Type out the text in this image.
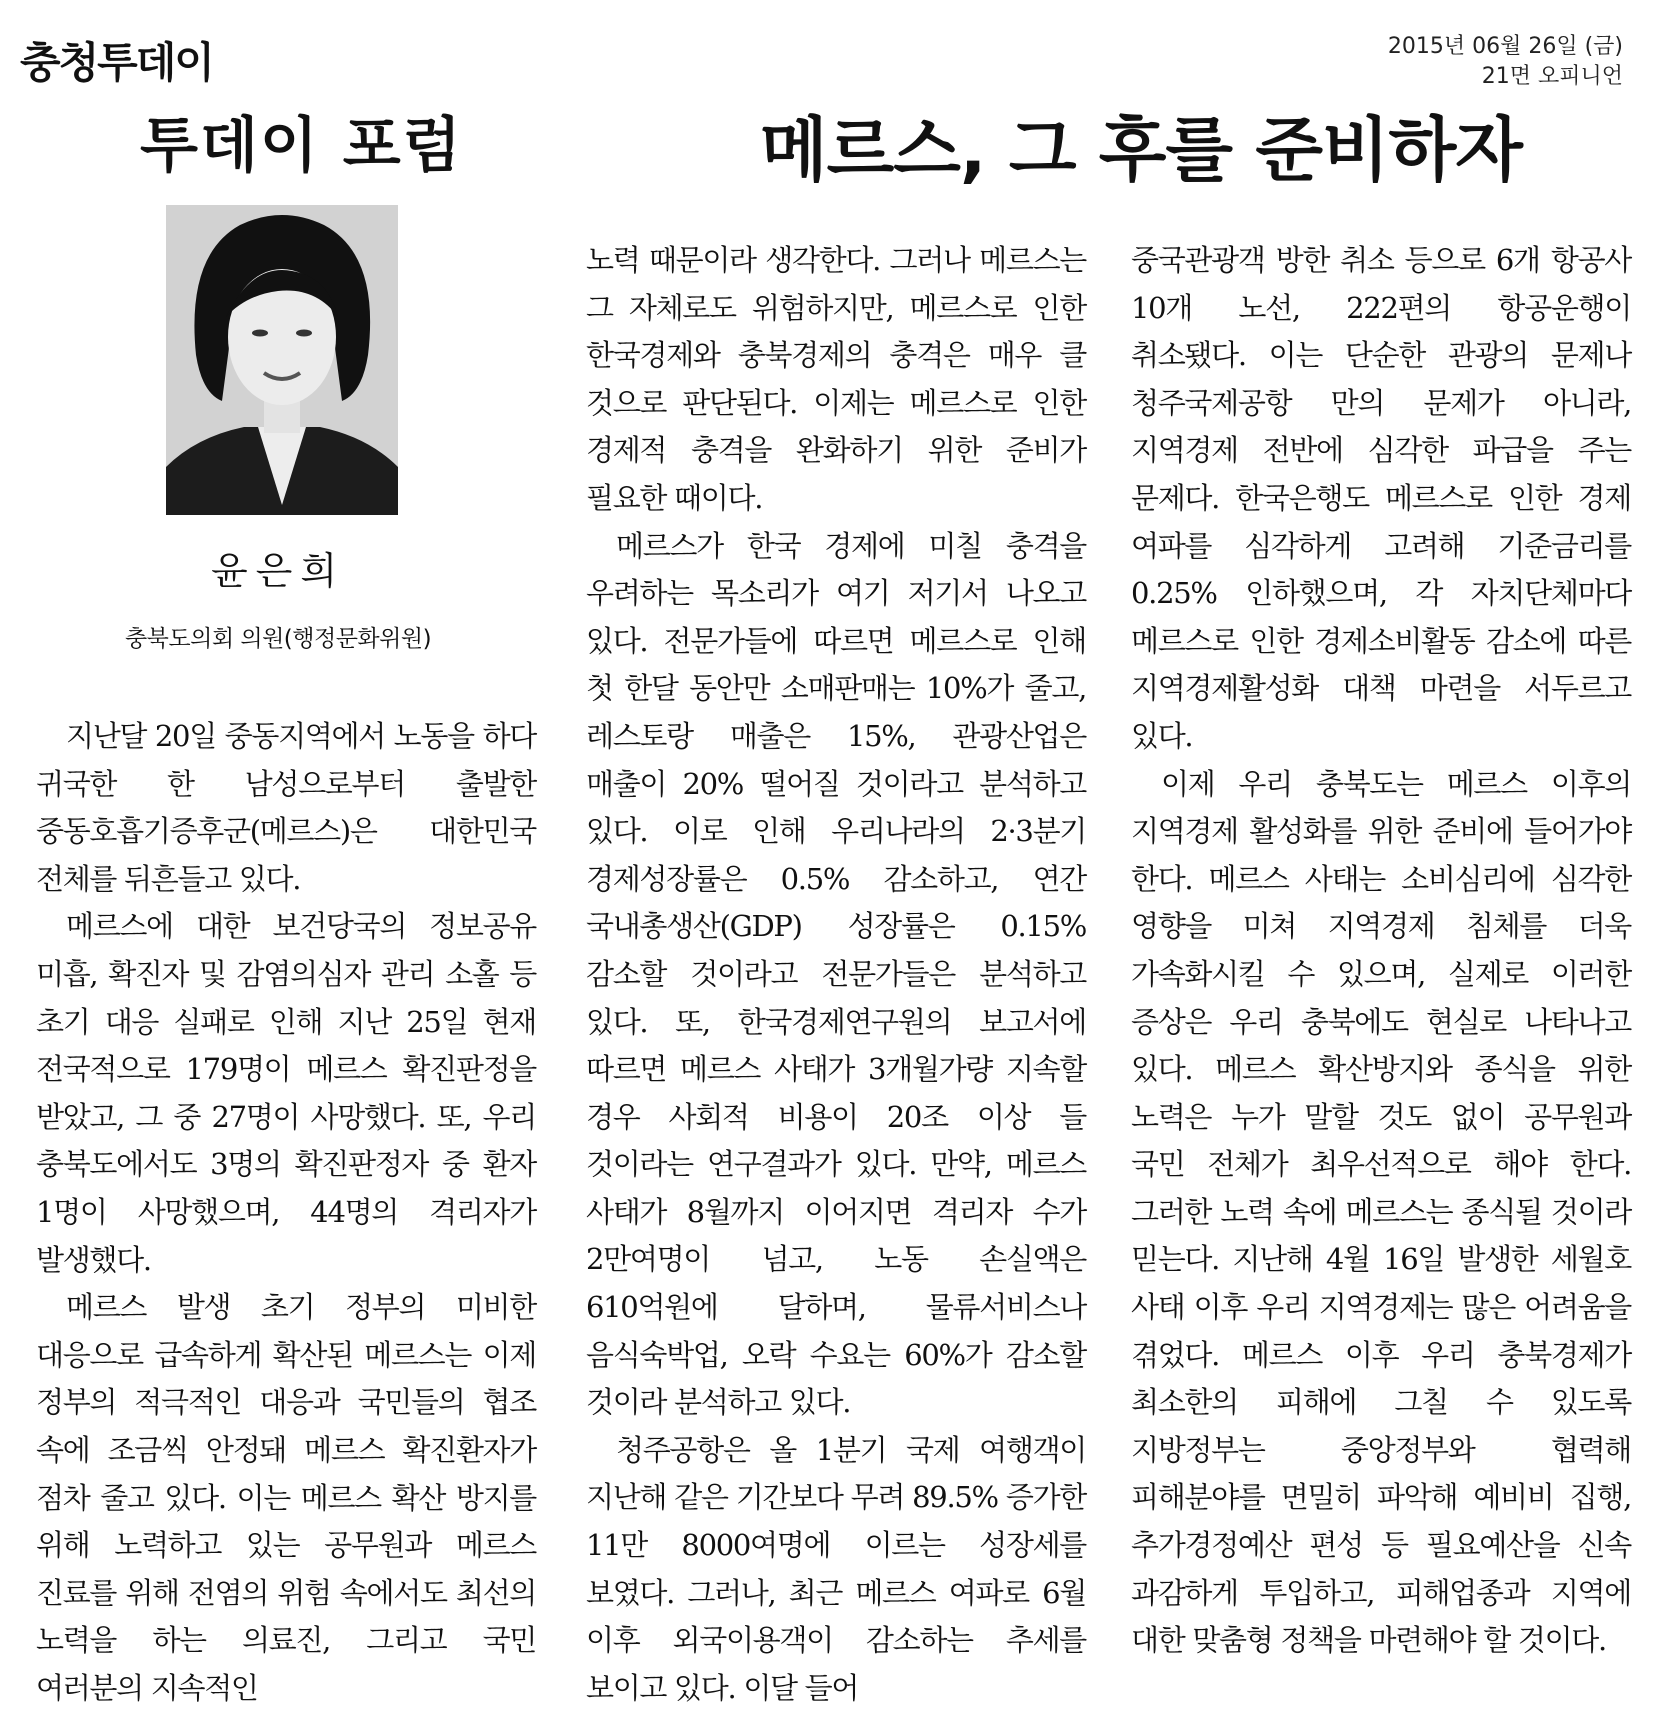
충청투데이	2015년 06월 26일 (금)
21면 오피니언
투데이 포럼	메르스, 그 후를 준비하자
윤은희
충북도의회 의원(행정문화위원)

지난달 20일 중동지역에서 노동을 하다 귀국한 한 남성으로부터 출발한 중동호흡기증후군(메르스)은 대한민국 전체를 뒤흔들고 있다.

메르스에 대한 보건당국의 정보공유 미흡, 확진자 및 감염의심자 관리 소홀 등 초기 대응 실패로 인해 지난 25일 현재 전국적으로 179명이 메르스 확진판정을 받았고, 그 중 27명이 사망했다. 또, 우리 충북도에서도 3명의 확진판정자 중 환자 1명이 사망했으며, 44명의 격리자가 발생했다.

메르스 발생 초기 정부의 미비한 대응으로 급속하게 확산된 메르스는 이제 정부의 적극적인 대응과 국민들의 협조 속에 조금씩 안정돼 메르스 확진환자가 점차 줄고 있다. 이는 메르스 확산 방지를 위해 노력하고 있는 공무원과 메르스 진료를 위해 전염의 위험 속에서도 최선의 노력을 하는 의료진, 그리고 국민 여러분의 지속적인

노력 때문이라 생각한다. 그러나 메르스는 그 자체로도 위험하지만, 메르스로 인한 한국경제와 충북경제의 충격은 매우 클 것으로 판단된다. 이제는 메르스로 인한 경제적 충격을 완화하기 위한 준비가 필요한 때이다.

메르스가 한국 경제에 미칠 충격을 우려하는 목소리가 여기 저기서 나오고 있다. 전문가들에 따르면 메르스로 인해 첫 한달 동안만 소매판매는 10%가 줄고, 레스토랑 매출은 15%, 관광산업은 매출이 20% 떨어질 것이라고 분석하고 있다. 이로 인해 우리나라의 2·3분기 경제성장률은 0.5% 감소하고, 연간 국내총생산(GDP) 성장률은 0.15% 감소할 것이라고 전문가들은 분석하고 있다. 또, 한국경제연구원의 보고서에 따르면 메르스 사태가 3개월가량 지속할 경우 사회적 비용이 20조 이상 들 것이라는 연구결과가 있다. 만약, 메르스 사태가 8월까지 이어지면 격리자 수가 2만여명이 넘고, 노동 손실액은 610억원에 달하며, 물류서비스나 음식숙박업, 오락 수요는 60%가 감소할 것이라 분석하고 있다.

청주공항은 올 1분기 국제 여행객이 지난해 같은 기간보다 무려 89.5% 증가한 11만 8000여명에 이르는 성장세를 보였다. 그러나, 최근 메르스 여파로 6월 이후 외국이용객이 감소하는 추세를 보이고 있다. 이달 들어

중국관광객 방한 취소 등으로 6개 항공사 10개 노선, 222편의 항공운행이 취소됐다. 이는 단순한 관광의 문제나 청주국제공항 만의 문제가 아니라, 지역경제 전반에 심각한 파급을 주는 문제다. 한국은행도 메르스로 인한 경제 여파를 심각하게 고려해 기준금리를 0.25% 인하했으며, 각 자치단체마다 메르스로 인한 경제소비활동 감소에 따른 지역경제활성화 대책 마련을 서두르고 있다.

이제 우리 충북도는 메르스 이후의 지역경제 활성화를 위한 준비에 들어가야 한다. 메르스 사태는 소비심리에 심각한 영향을 미쳐 지역경제 침체를 더욱 가속화시킬 수 있으며, 실제로 이러한 증상은 우리 충북에도 현실로 나타나고 있다. 메르스 확산방지와 종식을 위한 노력은 누가 말할 것도 없이 공무원과 국민 전체가 최우선적으로 해야 한다. 그러한 노력 속에 메르스는 종식될 것이라 믿는다. 지난해 4월 16일 발생한 세월호 사태 이후 우리 지역경제는 많은 어려움을 겪었다. 메르스 이후 우리 충북경제가 최소한의 피해에 그칠 수 있도록 지방정부는 중앙정부와 협력해 피해분야를 면밀히 파악해 예비비 집행, 추가경정예산 편성 등 필요예산을 신속 과감하게 투입하고, 피해업종과 지역에 대한 맞춤형 정책을 마련해야 할 것이다.
